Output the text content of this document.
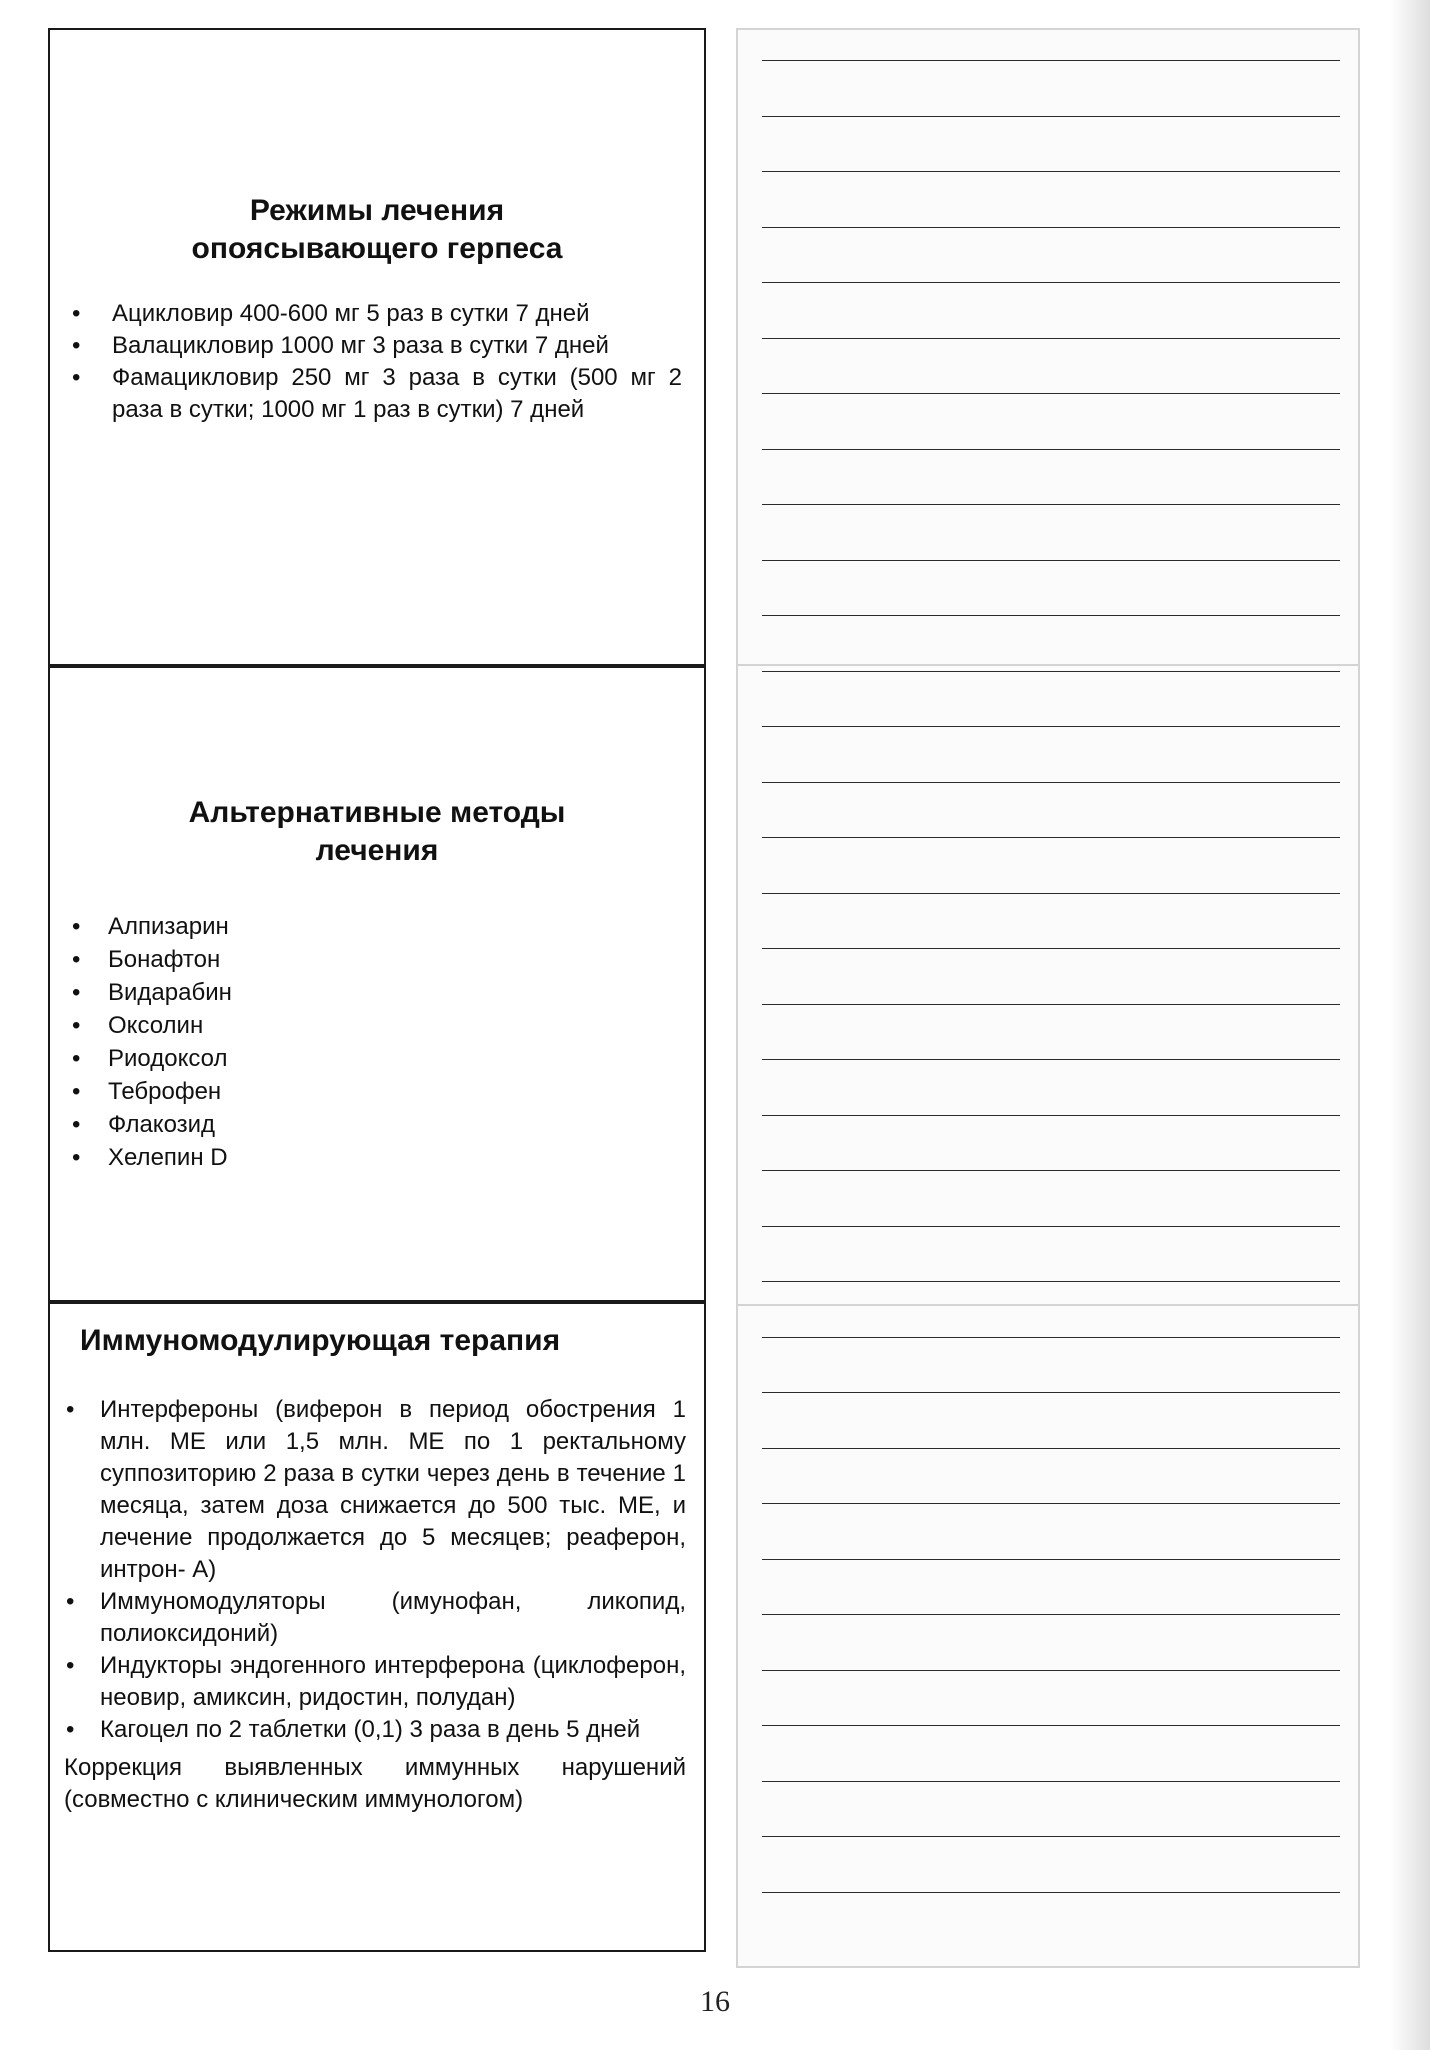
Режимы лечения
опоясывающего герпеса
• Ацикловир 400-600 мг 5 раз в сутки 7 дней
• Валацикловир 1000 мг 3 раза в сутки 7 дней
• Фамацикловир 250 мг 3 раза в сутки (500 мг 2 раза в сутки; 1000 мг 1 раз в сутки) 7 дней
Альтернативные методы
лечения
• Алпизарин
• Бонафтон
• Видарабин
• Оксолин
• Риодоксол
• Теброфен
• Флакозид
• Хелепин D
Иммуномодулирующая терапия
• Интерфероны (виферон в период обострения 1 млн. МЕ или 1,5 млн. МЕ по 1 ректальному суппозиторию 2 раза в сутки через день в течение 1 месяца, затем доза снижается до 500 тыс. МЕ, и лечение продолжается до 5 месяцев; реаферон, интрон- А)
• Иммуномодуляторы (имунофан, ликопид, полиоксидоний)
• Индукторы эндогенного интерферона (циклоферон, неовир, амиксин, ридостин, полудан)
• Кагоцел по 2 таблетки (0,1) 3 раза в день 5 дней
Коррекция выявленных иммунных нарушений (совместно с клиническим иммунологом)
16
